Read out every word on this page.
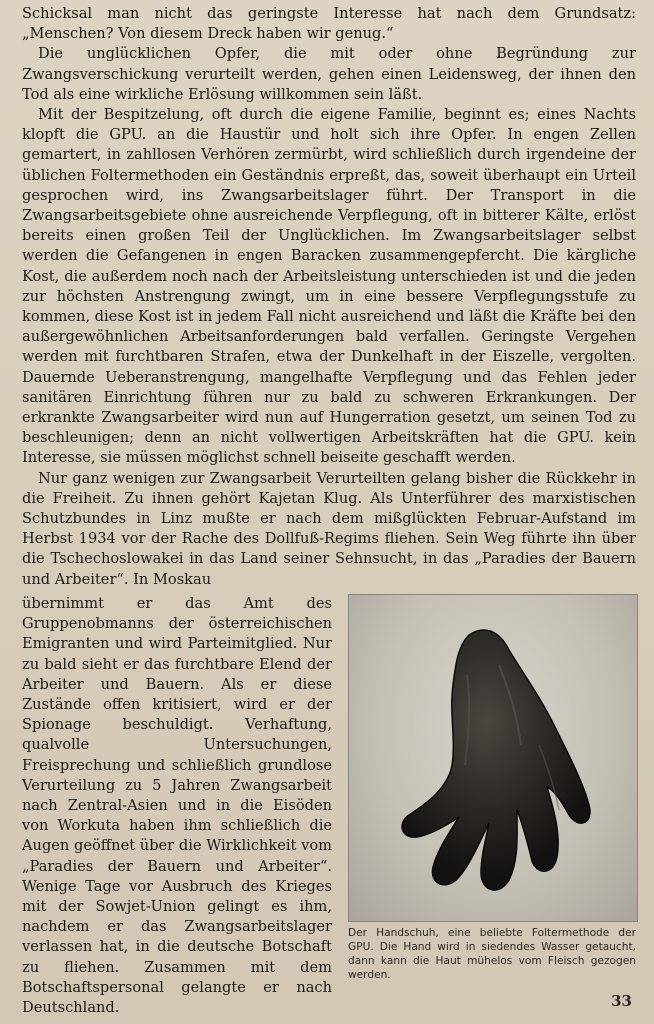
Schicksal man nicht das geringste Interesse hat nach dem Grundsatz: „Menschen? Von diesem Dreck haben wir genug.“

Die unglücklichen Opfer, die mit oder ohne Begründung zur Zwangsverschickung verurteilt werden, gehen einen Leidensweg, der ihnen den Tod als eine wirkliche Erlösung willkommen sein läßt.

Mit der Bespitzelung, oft durch die eigene Familie, beginnt es; eines Nachts klopft die GPU. an die Haustür und holt sich ihre Opfer. In engen Zellen gemartert, in zahllosen Verhören zermürbt, wird schließlich durch irgendeine der üblichen Foltermethoden ein Geständnis erpreßt, das, soweit überhaupt ein Urteil gesprochen wird, ins Zwangsarbeitslager führt. Der Transport in die Zwangsarbeitsgebiete ohne ausreichende Verpflegung, oft in bitterer Kälte, erlöst bereits einen großen Teil der Unglücklichen. Im Zwangsarbeitslager selbst werden die Gefangenen in engen Baracken zusammengepfercht. Die kärgliche Kost, die außerdem noch nach der Arbeitsleistung unterschieden ist und die jeden zur höchsten Anstrengung zwingt, um in eine bessere Verpflegungsstufe zu kommen, diese Kost ist in jedem Fall nicht ausreichend und läßt die Kräfte bei den außergewöhnlichen Arbeitsanforderungen bald verfallen. Geringste Vergehen werden mit furchtbaren Strafen, etwa der Dunkelhaft in der Eiszelle, vergolten. Dauernde Ueberanstrengung, mangelhafte Verpflegung und das Fehlen jeder sanitären Einrichtung führen nur zu bald zu schweren Erkrankungen. Der erkrankte Zwangsarbeiter wird nun auf Hungerration gesetzt, um seinen Tod zu beschleunigen; denn an nicht vollwertigen Arbeitskräften hat die GPU. kein Interesse, sie müssen möglichst schnell beiseite geschafft werden.

Nur ganz wenigen zur Zwangsarbeit Verurteilten gelang bisher die Rückkehr in die Freiheit. Zu ihnen gehört Kajetan Klug. Als Unterführer des marxistischen Schutzbundes in Linz mußte er nach dem mißglückten Februar-Aufstand im Herbst 1934 vor der Rache des Dollfuß-Regims fliehen. Sein Weg führte ihn über die Tschechoslowakei in das Land seiner Sehnsucht, in das „Paradies der Bauern und Arbeiter“. In Moskau

übernimmt er das Amt des Gruppenobmanns der österreichischen Emigranten und wird Parteimitglied. Nur zu bald sieht er das furchtbare Elend der Arbeiter und Bauern. Als er diese Zustände offen kritisiert, wird er der Spionage beschuldigt. Verhaftung, qualvolle Untersuchungen, Freisprechung und schließlich grundlose Verurteilung zu 5 Jahren Zwangsarbeit nach Zentral-Asien und in die Eisöden von Workuta haben ihm schließlich die Augen geöffnet über die Wirklichkeit vom „Paradies der Bauern und Arbeiter“. Wenige Tage vor Ausbruch des Krieges mit der Sowjet-Union gelingt es ihm, nachdem er das Zwangsarbeitslager verlassen hat, in die deutsche Botschaft zu fliehen. Zusammen mit dem Botschaftspersonal gelangte er nach Deutschland.

Der Handschuh, eine beliebte Foltermethode der GPU. Die Hand wird in siedendes Wasser getaucht, dann kann die Haut mühelos vom Fleisch gezogen werden.
33
